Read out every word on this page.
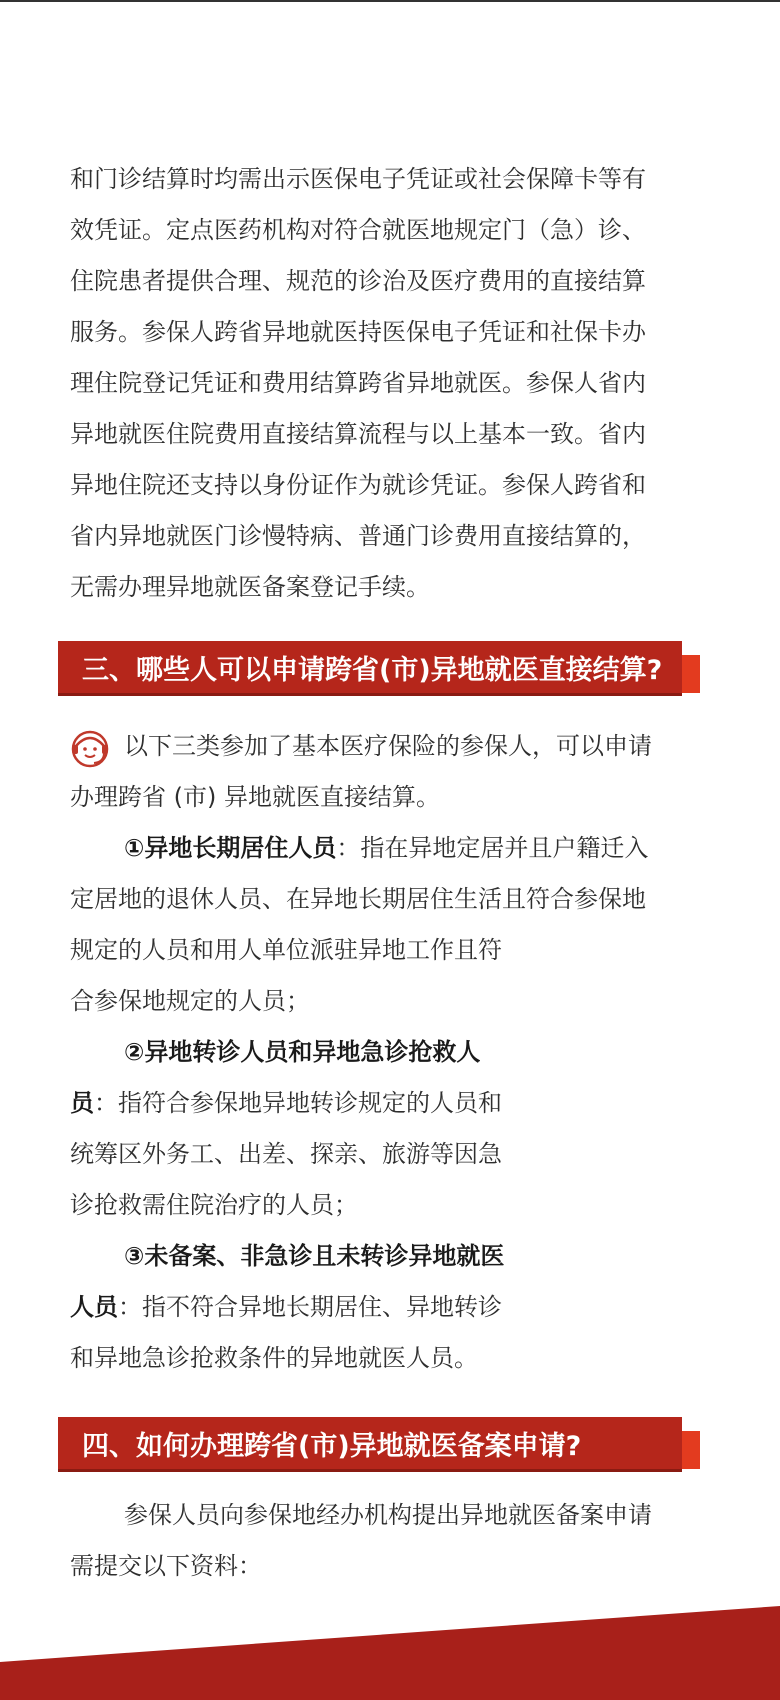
和门诊结算时均需出示医保电子凭证或社会保障卡等有

效凭证。定点医药机构对符合就医地规定门（急）诊、

住院患者提供合理、规范的诊治及医疗费用的直接结算

服务。参保人跨省异地就医持医保电子凭证和社保卡办

理住院登记凭证和费用结算跨省异地就医。参保人省内

异地就医住院费用直接结算流程与以上基本一致。省内

异地住院还支持以身份证作为就诊凭证。参保人跨省和

省内异地就医门诊慢特病、普通门诊费用直接结算的，

无需办理异地就医备案登记手续。

三、哪些人可以申请跨省(市)异地就医直接结算?

以下三类参加了基本医疗保险的参保人，可以申请

办理跨省 (市) 异地就医直接结算。

①异地长期居住人员：指在异地定居并且户籍迁入

定居地的退休人员、在异地长期居住生活且符合参保地

规定的人员和用人单位派驻异地工作且符

合参保地规定的人员；

②异地转诊人员和异地急诊抢救人

员：指符合参保地异地转诊规定的人员和

统筹区外务工、出差、探亲、旅游等因急

诊抢救需住院治疗的人员；

③未备案、非急诊且未转诊异地就医

人员：指不符合异地长期居住、异地转诊

和异地急诊抢救条件的异地就医人员。

四、如何办理跨省(市)异地就医备案申请?

参保人员向参保地经办机构提出异地就医备案申请

需提交以下资料：
